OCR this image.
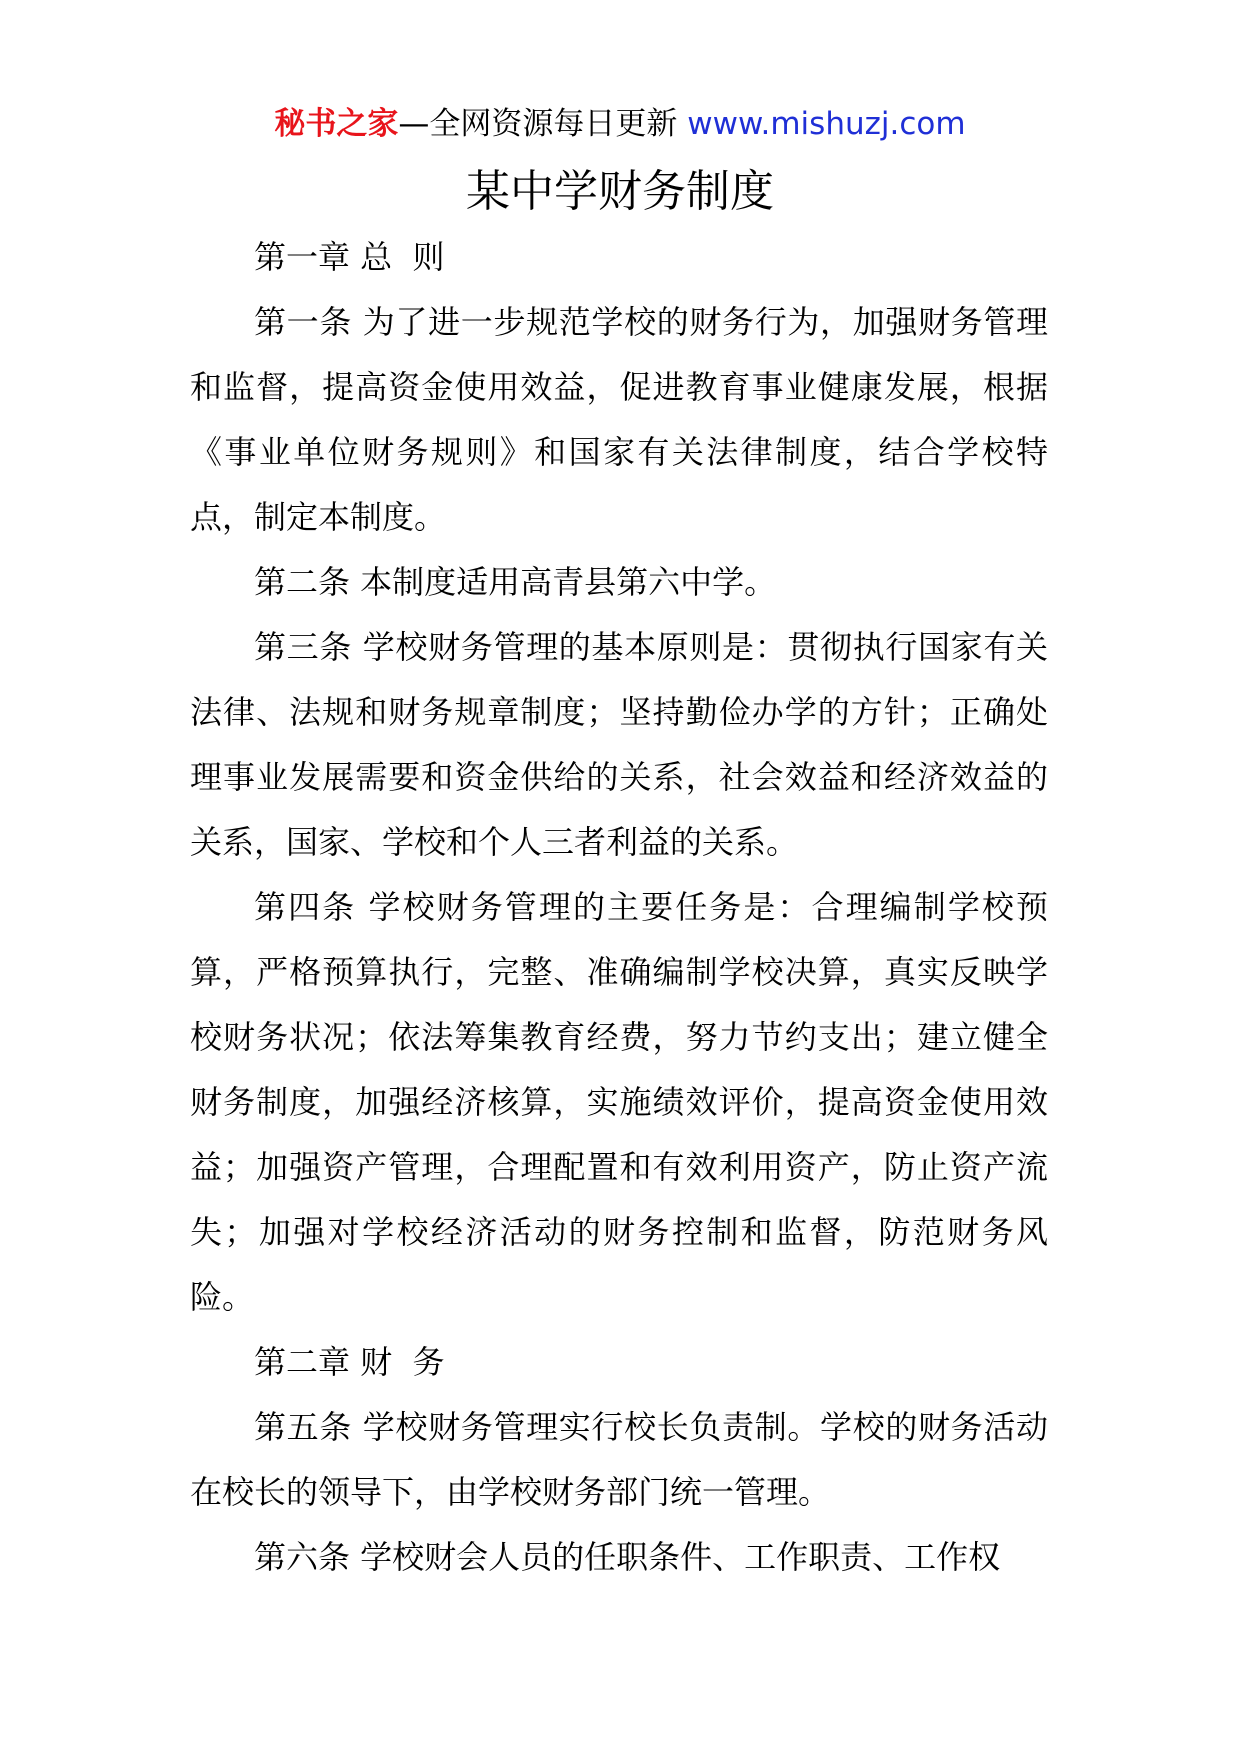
秘书之家—全网资源每日更新 www.mishuzj.com
某中学财务制度

第一章 总  则

第一条 为了进一步规范学校的财务行为，加强财务管理和监督，提高资金使用效益，促进教育事业健康发展，根据《事业单位财务规则》和国家有关法律制度，结合学校特点，制定本制度。

第二条 本制度适用高青县第六中学。

第三条 学校财务管理的基本原则是：贯彻执行国家有关法律、法规和财务规章制度；坚持勤俭办学的方针；正确处理事业发展需要和资金供给的关系，社会效益和经济效益的关系，国家、学校和个人三者利益的关系。

第四条 学校财务管理的主要任务是：合理编制学校预算，严格预算执行，完整、准确编制学校决算，真实反映学校财务状况；依法筹集教育经费，努力节约支出；建立健全财务制度，加强经济核算，实施绩效评价，提高资金使用效益；加强资产管理，合理配置和有效利用资产，防止资产流失；加强对学校经济活动的财务控制和监督，防范财务风险。

第二章 财  务

第五条 学校财务管理实行校长负责制。学校的财务活动在校长的领导下，由学校财务部门统一管理。

第六条 学校财会人员的任职条件、工作职责、工作权
